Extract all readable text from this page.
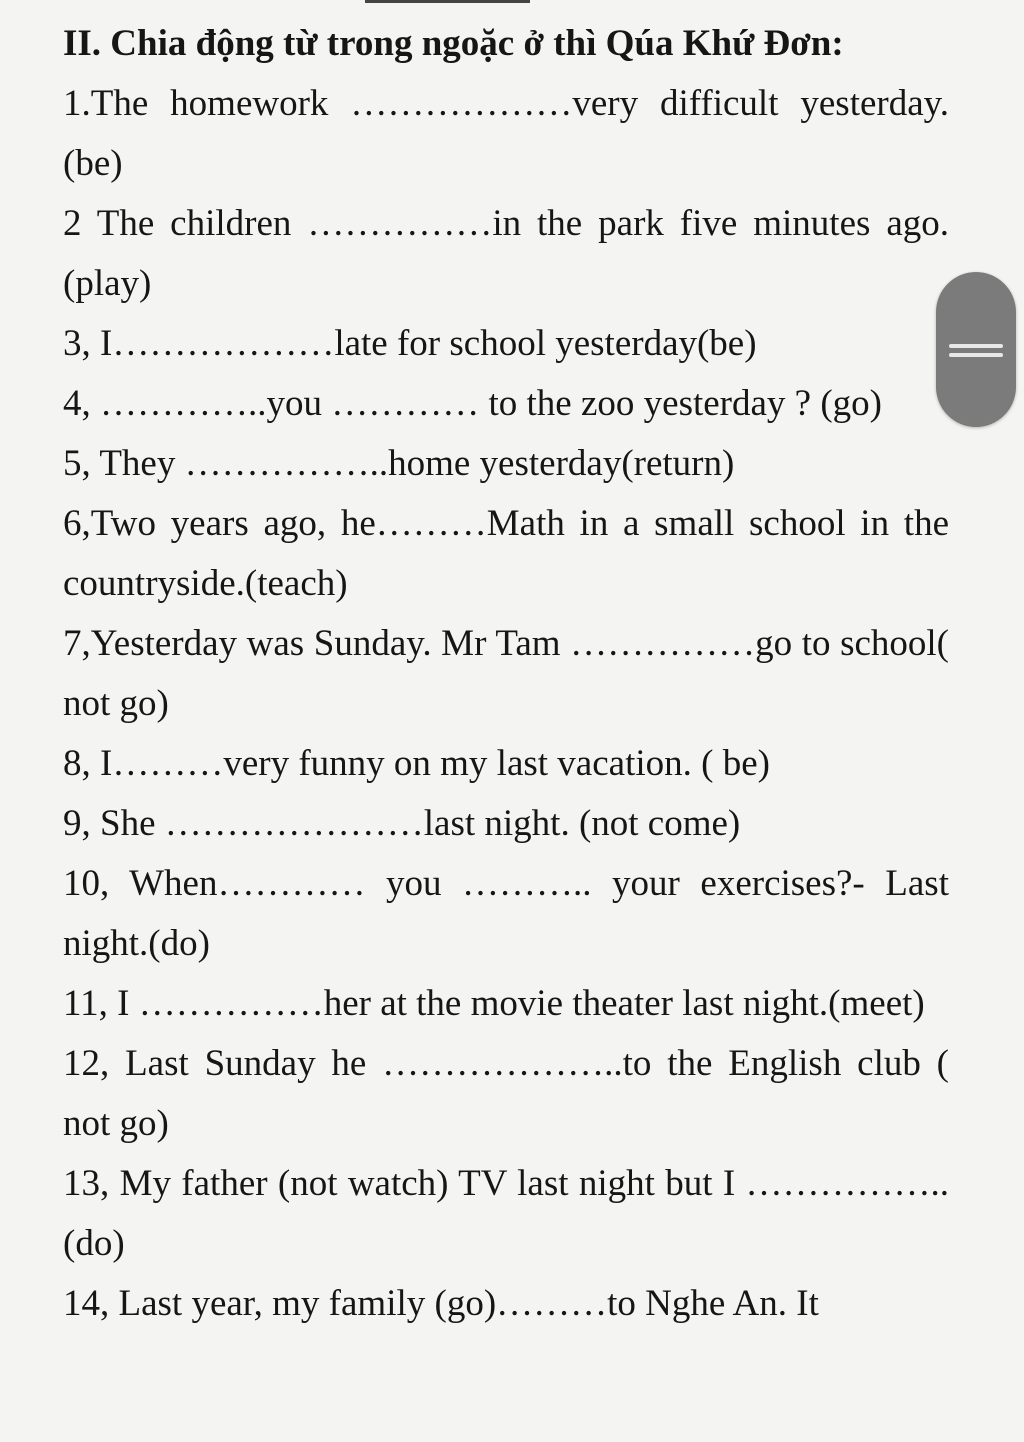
II. Chia động từ trong ngoặc ở thì Qúa Khứ Đơn:

1.The homework ………………very difficult yesterday.(be)

2 The children ……………in the park five minutes ago.(play)

3, I………………late for school yesterday(be)

4, …………..you ………… to the zoo yesterday ? (go)

5, They ……………..home yesterday(return)

6,Two years ago, he………Math in a small school in the countryside.(teach)

7,Yesterday was Sunday. Mr Tam ……………go to school( not go)

8, I………very funny on my last vacation. ( be)

9, She …………………last night. (not come)

10, When………… you ……….. your exercises?- Last night.(do)

11, I ……………her at the movie theater last night.(meet)

12, Last Sunday he ………………..to the English club ( not go)

13, My father (not watch) TV last night but I ……………..(do)

14, Last year, my family (go)………to Nghe An. It
